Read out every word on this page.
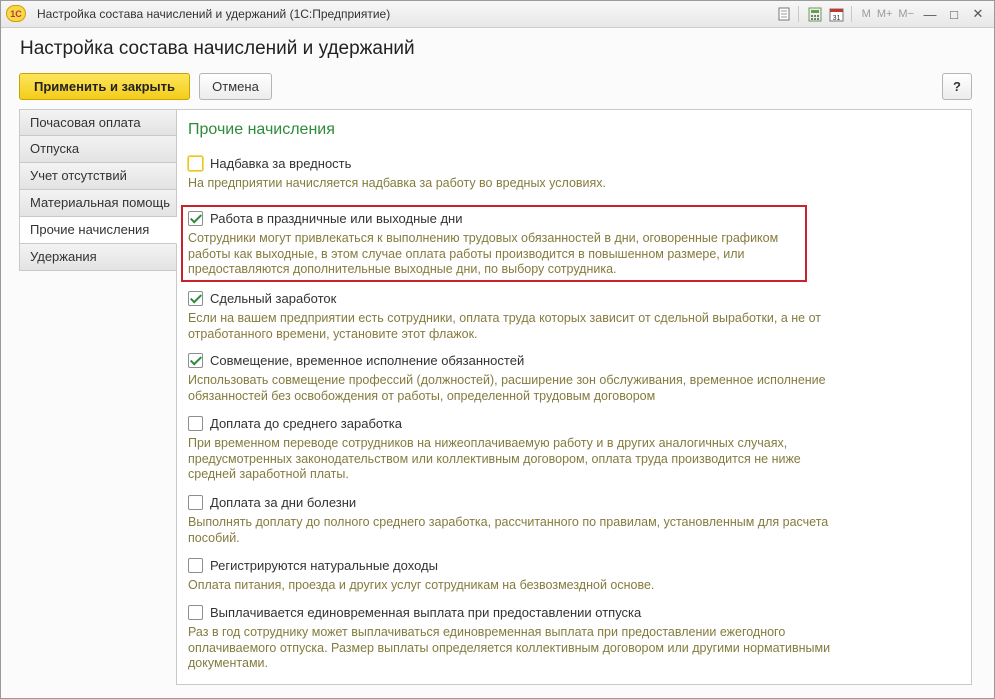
1С	Настройка состава начислений и удержаний (1С:Предприятие)	31 M M+ M− —	□	✕
Настройка состава начислений и удержаний
Применить и закрыть	Отмена	?
Почасовая оплата
Отпуска
Учет отсутствий
Материальная помощь
Прочие начисления
Удержания
Прочие начисления
Надбавка за вредность
На предприятии начисляется надбавка за работу во вредных условиях.
Работа в праздничные или выходные дни
Сотрудники могут привлекаться к выполнению трудовых обязанностей в дни, оговоренные графиком работы как выходные, в этом случае оплата работы производится в повышенном размере, или предоставляются дополнительные выходные дни, по выбору сотрудника.
Сдельный заработок
Если на вашем предприятии есть сотрудники, оплата труда которых зависит от сдельной выработки, а не от отработанного времени, установите этот флажок.
Совмещение, временное исполнение обязанностей
Использовать совмещение профессий (должностей), расширение зон обслуживания, временное исполнение обязанностей без освобождения от работы, определенной трудовым договором
Доплата до среднего заработка
При временном переводе сотрудников на нижеоплачиваемую работу и в других аналогичных случаях, предусмотренных законодательством или коллективным договором, оплата труда производится не ниже средней заработной платы.
Доплата за дни болезни
Выполнять доплату до полного среднего заработка, рассчитанного по правилам, установленным для расчета пособий.
Регистрируются натуральные доходы
Оплата питания, проезда и других услуг сотрудникам на безвозмездной основе.
Выплачивается единовременная выплата при предоставлении отпуска
Раз в год сотруднику может выплачиваться единовременная выплата при предоставлении ежегодного оплачиваемого отпуска. Размер выплаты определяется коллективным договором или другими нормативными документами.
